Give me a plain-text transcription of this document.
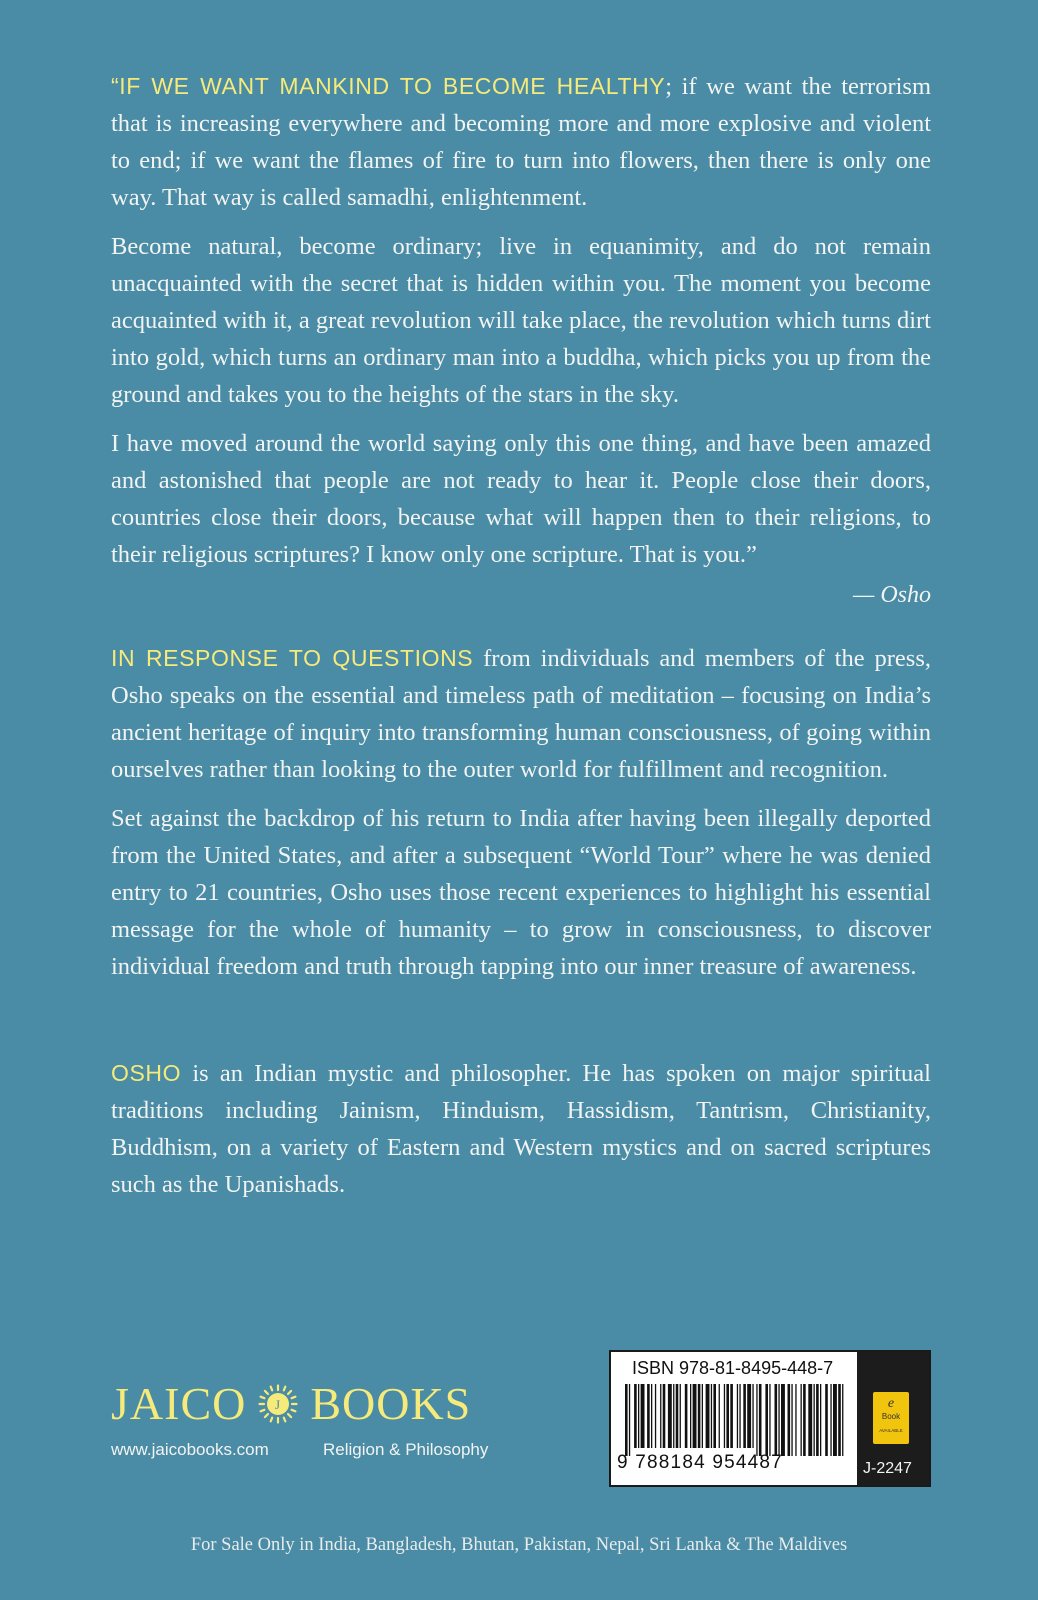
“IF WE WANT MANKIND TO BECOME HEALTHY; if we want the terrorism that is increasing everywhere and becoming more and more explosive and violent to end; if we want the flames of fire to turn into flowers, then there is only one way. That way is called samadhi, enlightenment.

Become natural, become ordinary; live in equanimity, and do not remain unacquainted with the secret that is hidden within you. The moment you become acquainted with it, a great revolution will take place, the revolution which turns dirt into gold, which turns an ordinary man into a buddha, which picks you up from the ground and takes you to the heights of the stars in the sky.

I have moved around the world saying only this one thing, and have been amazed and astonished that people are not ready to hear it. People close their doors, countries close their doors, because what will happen then to their religions, to their religious scriptures? I know only one scripture. That is you.”

— Osho

IN RESPONSE TO QUESTIONS from individuals and members of the press, Osho speaks on the essential and timeless path of meditation – focusing on India’s ancient heritage of inquiry into transforming human consciousness, of going within ourselves rather than looking to the outer world for fulfillment and recognition.

Set against the backdrop of his return to India after having been illegally deported from the United States, and after a subsequent “World Tour” where he was denied entry to 21 countries, Osho uses those recent experiences to highlight his essential message for the whole of humanity – to grow in consciousness, to discover individual freedom and truth through tapping into our inner treasure of awareness.

OSHO is an Indian mystic and philosopher. He has spoken on major spiritual traditions including Jainism, Hinduism, Hassidism, Tantrism, Christianity, Buddhism, on a variety of Eastern and Western mystics and on sacred scriptures such as the Upanishads.

JAICO J BOOKS
www.jaicobooks.com	Religion & Philosophy
ISBN 978-81-8495-448-7
9 788184 954487
e
Book
AVAILABLE
J-2247
For Sale Only in India, Bangladesh, Bhutan, Pakistan, Nepal, Sri Lanka & The Maldives
